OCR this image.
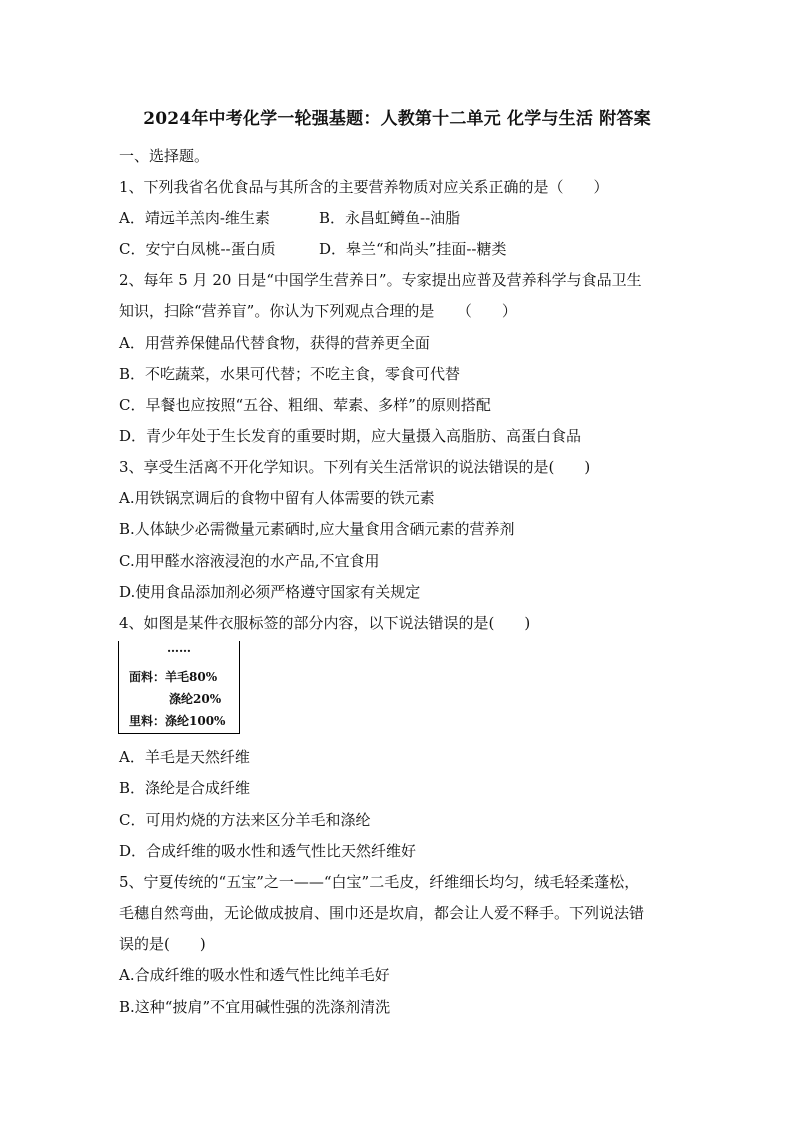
2024年中考化学一轮强基题：人教第十二单元 化学与生活 附答案
一、选择题。
1、下列我省名优食品与其所含的主要营养物质对应关系正确的是（　　）
A．靖远羊羔肉-维生素	B．永昌虹鳟鱼--油脂
C．安宁白凤桃--蛋白质	D．皋兰“和尚头”挂面--糖类
2、每年 5 月 20 日是“中国学生营养日”。专家提出应普及营养科学与食品卫生
知识，扫除“营养盲”。你认为下列观点合理的是　　（　　）
A．用营养保健品代替食物，获得的营养更全面
B．不吃蔬菜，水果可代替；不吃主食，零食可代替
C．早餐也应按照“五谷、粗细、荤素、多样”的原则搭配
D．青少年处于生长发育的重要时期，应大量摄入高脂肪、高蛋白食品
3、享受生活离不开化学知识。下列有关生活常识的说法错误的是(　　)
A.用铁锅烹调后的食物中留有人体需要的铁元素
B.人体缺少必需微量元素硒时,应大量食用含硒元素的营养剂
C.用甲醛水溶液浸泡的水产品,不宜食用
D.使用食品添加剂必须严格遵守国家有关规定
4、如图是某件衣服标签的部分内容，以下说法错误的是(　　)
……
面料：羊毛80%
涤纶20%
里料：涤纶100%
A．羊毛是天然纤维
B．涤纶是合成纤维
C．可用灼烧的方法来区分羊毛和涤纶
D．合成纤维的吸水性和透气性比天然纤维好
5、宁夏传统的“五宝”之一——“白宝”二毛皮，纤维细长均匀，绒毛轻柔蓬松，
毛穗自然弯曲，无论做成披肩、围巾还是坎肩，都会让人爱不释手。下列说法错
误的是(　　)
A.合成纤维的吸水性和透气性比纯羊毛好
B.这种“披肩”不宜用碱性强的洗涤剂清洗
